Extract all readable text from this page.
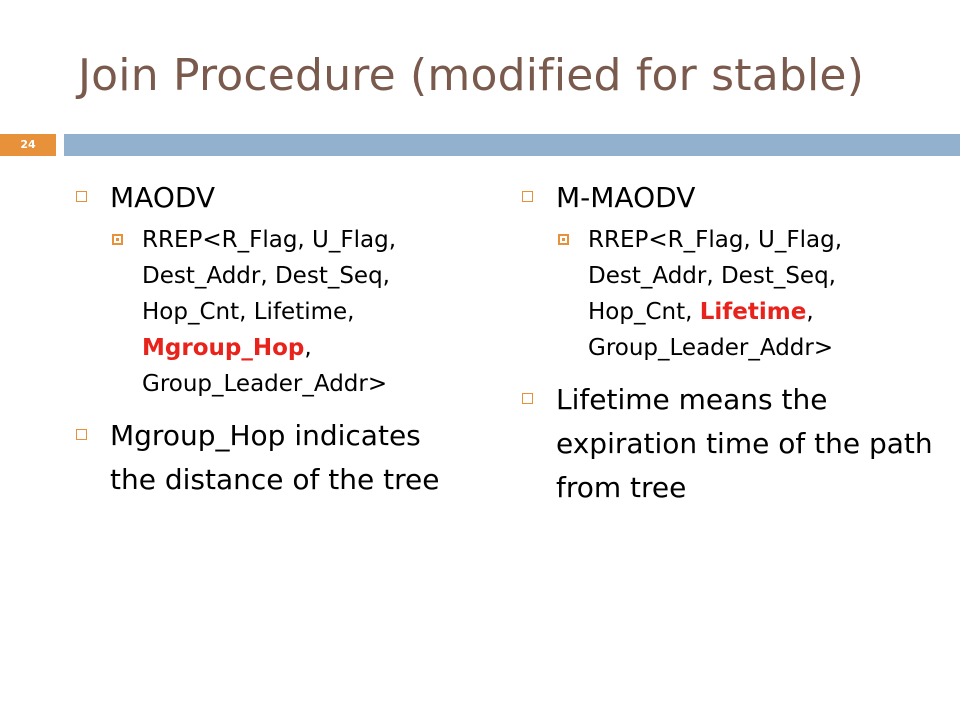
Join Procedure (modified for stable)
24
MAODV
RREP<R_Flag, U_Flag, Dest_Addr, Dest_Seq, Hop_Cnt, Lifetime, Mgroup_Hop, Group_Leader_Addr>
Mgroup_Hop indicates the distance of the tree
M-MAODV
RREP<R_Flag, U_Flag, Dest_Addr, Dest_Seq, Hop_Cnt, Lifetime, Group_Leader_Addr>
Lifetime means the expiration time of the path from tree
